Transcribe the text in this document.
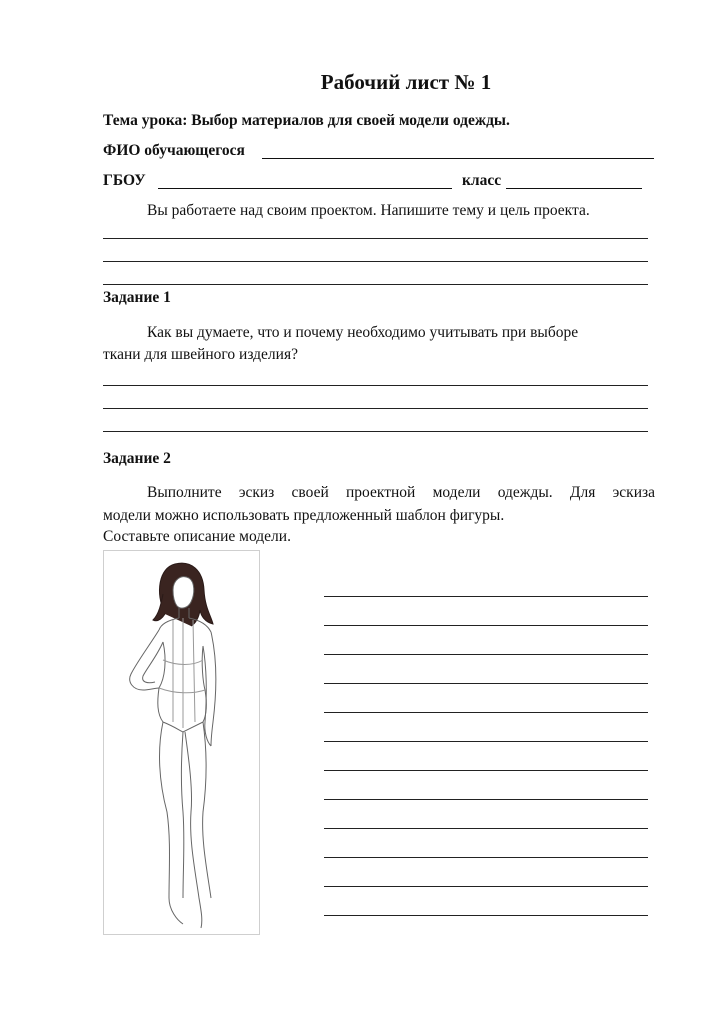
Рабочий лист № 1
Тема урока: Выбор материалов для своей модели одежды.
ФИО обучающегося
ГБОУ	класс
Вы работаете над своим проектом. Напишите тему и цель проекта.
Задание 1
Как вы думаете, что и почему необходимо учитывать при выборе
ткани для швейного изделия?
Задание 2
Выполните эскиз своей проектной модели одежды. Для эскиза
модели можно использовать предложенный шаблон фигуры.
Составьте описание модели.
